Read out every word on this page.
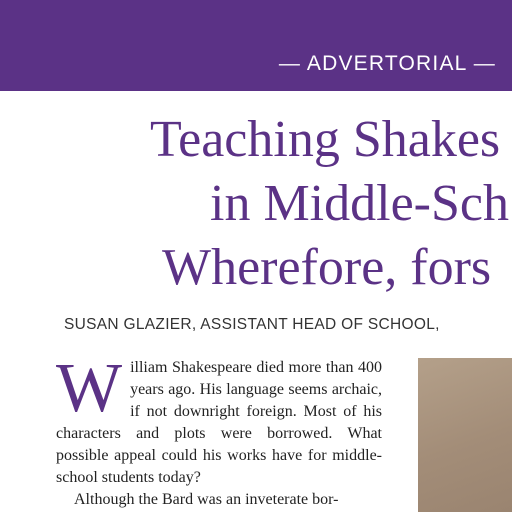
— ADVERTORIAL —
Teaching Shakes
in Middle-Sch
Wherefore, fors
SUSAN GLAZIER, ASSISTANT HEAD OF SCHOOL,

William Shakespeare died more than 400 years ago. His language seems archaic, if not downright foreign. Most of his characters and plots were borrowed. What possible appeal could his works have for middle-school students today?

Although the Bard was an inveterate bor-
